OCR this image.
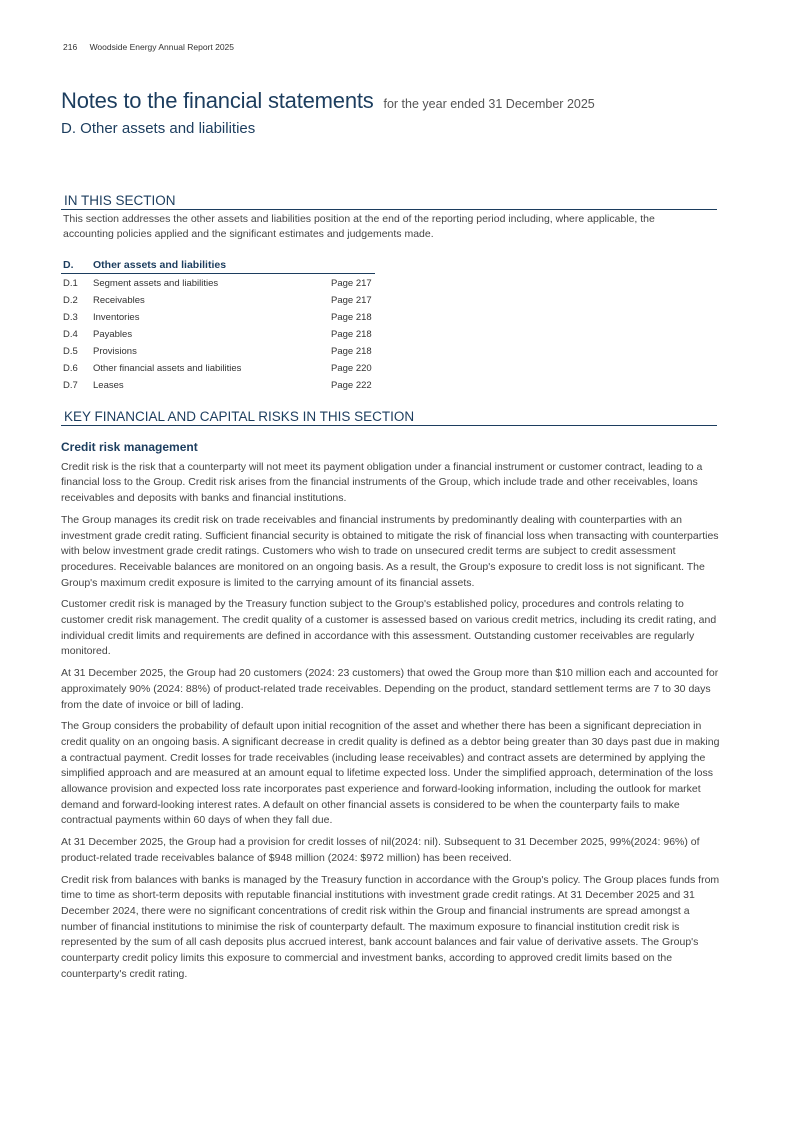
216 Woodside Energy Annual Report 2025
Notes to the financial statements for the year ended 31 December 2025
D. Other assets and liabilities
IN THIS SECTION

This section addresses the other assets and liabilities position at the end of the reporting period including, where applicable, the accounting policies applied and the significant estimates and judgements made.

D.	Other assets and liabilities
D.1	Segment assets and liabilities	Page 217
D.2	Receivables	Page 217
D.3	Inventories	Page 218
D.4	Payables	Page 218
D.5	Provisions	Page 218
D.6	Other financial assets and liabilities	Page 220
D.7	Leases	Page 222
KEY FINANCIAL AND CAPITAL RISKS IN THIS SECTION
Credit risk management

Credit risk is the risk that a counterparty will not meet its payment obligation under a financial instrument or customer contract, leading to a financial loss to the Group. Credit risk arises from the financial instruments of the Group, which include trade and other receivables, loans receivables and deposits with banks and financial institutions.

The Group manages its credit risk on trade receivables and financial instruments by predominantly dealing with counterparties with an investment grade credit rating. Sufficient financial security is obtained to mitigate the risk of financial loss when transacting with counterparties with below investment grade credit ratings. Customers who wish to trade on unsecured credit terms are subject to credit assessment procedures. Receivable balances are monitored on an ongoing basis. As a result, the Group's exposure to credit loss is not significant. The Group's maximum credit exposure is limited to the carrying amount of its financial assets.

Customer credit risk is managed by the Treasury function subject to the Group's established policy, procedures and controls relating to customer credit risk management. The credit quality of a customer is assessed based on various credit metrics, including its credit rating, and individual credit limits and requirements are defined in accordance with this assessment. Outstanding customer receivables are regularly monitored.

At 31 December 2025, the Group had 20 customers (2024: 23 customers) that owed the Group more than $10 million each and accounted for approximately 90% (2024: 88%) of product-related trade receivables. Depending on the product, standard settlement terms are 7 to 30 days from the date of invoice or bill of lading.

The Group considers the probability of default upon initial recognition of the asset and whether there has been a significant depreciation in credit quality on an ongoing basis. A significant decrease in credit quality is defined as a debtor being greater than 30 days past due in making a contractual payment. Credit losses for trade receivables (including lease receivables) and contract assets are determined by applying the simplified approach and are measured at an amount equal to lifetime expected loss. Under the simplified approach, determination of the loss allowance provision and expected loss rate incorporates past experience and forward-looking information, including the outlook for market demand and forward-looking interest rates. A default on other financial assets is considered to be when the counterparty fails to make contractual payments within 60 days of when they fall due.

At 31 December 2025, the Group had a provision for credit losses of nil(2024: nil). Subsequent to 31 December 2025, 99%(2024: 96%) of product-related trade receivables balance of $948 million (2024: $972 million) has been received.

Credit risk from balances with banks is managed by the Treasury function in accordance with the Group's policy. The Group places funds from time to time as short-term deposits with reputable financial institutions with investment grade credit ratings. At 31 December 2025 and 31 December 2024, there were no significant concentrations of credit risk within the Group and financial instruments are spread amongst a number of financial institutions to minimise the risk of counterparty default. The maximum exposure to financial institution credit risk is represented by the sum of all cash deposits plus accrued interest, bank account balances and fair value of derivative assets. The Group's counterparty credit policy limits this exposure to commercial and investment banks, according to approved credit limits based on the counterparty's credit rating.
